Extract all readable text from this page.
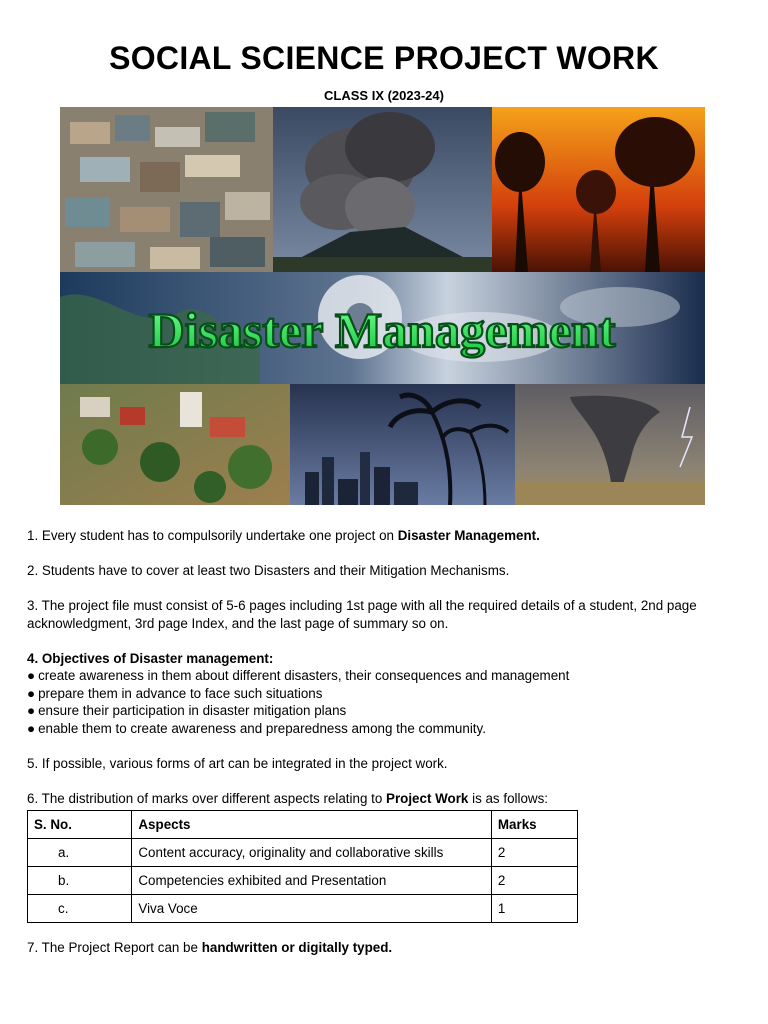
SOCIAL SCIENCE PROJECT WORK
CLASS IX (2023-24)
Disaster Management

1. Every student has to compulsorily undertake one project on Disaster Management.

2. Students have to cover at least two Disasters and their Mitigation Mechanisms.

3. The project file must consist of 5-6 pages including 1st page with all the required details of a student, 2nd page acknowledgment, 3rd page Index, and the last page of summary so on.

4. Objectives of Disaster management:

● create awareness in them about different disasters, their consequences and management
● prepare them in advance to face such situations
● ensure their participation in disaster mitigation plans
● enable them to create awareness and preparedness among the community.

5. If possible, various forms of art can be integrated in the project work.

6. The distribution of marks over different aspects relating to Project Work is as follows:

S. No.	Aspects	Marks
a.	Content accuracy, originality and collaborative skills	2
b.	Competencies exhibited and Presentation	2
c.	Viva Voce	1

7. The Project Report can be handwritten or digitally typed.
